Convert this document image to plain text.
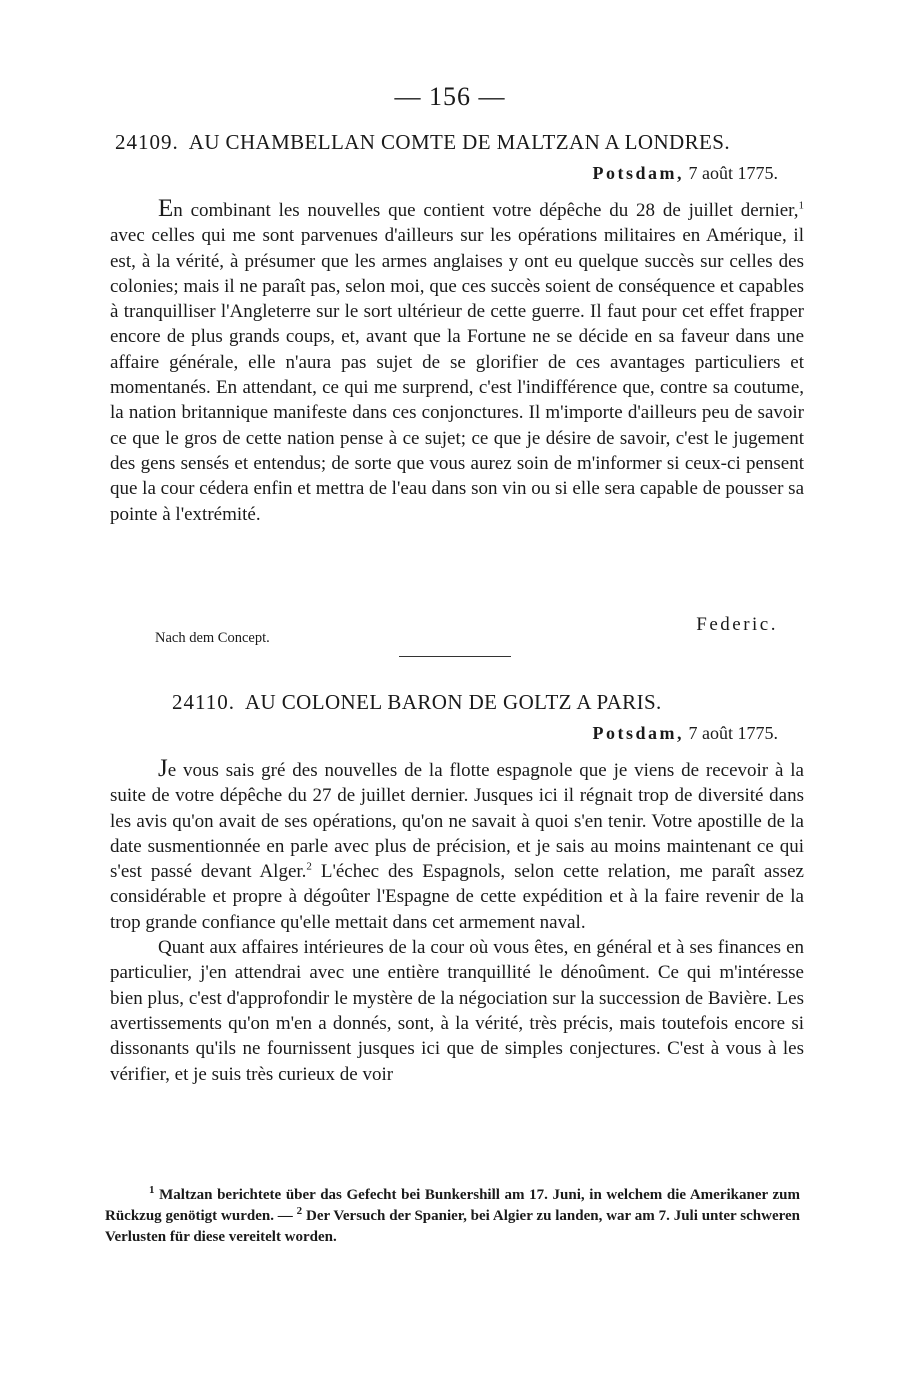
— 156 —
24109. AU CHAMBELLAN COMTE DE MALTZAN A LONDRES.
Potsdam, 7 août 1775.

En combinant les nouvelles que contient votre dépêche du 28 de juillet dernier,$^1$ avec celles qui me sont parvenues d'ailleurs sur les opérations militaires en Amérique, il est, à la vérité, à présumer que les armes anglaises y ont eu quelque succès sur celles des colonies; mais il ne paraît pas, selon moi, que ces succès soient de conséquence et capables à tranquilliser l'Angleterre sur le sort ultérieur de cette guerre. Il faut pour cet effet frapper encore de plus grands coups, et, avant que la Fortune ne se décide en sa faveur dans une affaire générale, elle n'aura pas sujet de se glorifier de ces avantages particuliers et momentanés. En attendant, ce qui me surprend, c'est l'indifférence que, contre sa coutume, la nation britannique manifeste dans ces conjonctures. Il m'importe d'ailleurs peu de savoir ce que le gros de cette nation pense à ce sujet; ce que je désire de savoir, c'est le jugement des gens sensés et entendus; de sorte que vous aurez soin de m'informer si ceux-ci pensent que la cour cédera enfin et mettra de l'eau dans son vin ou si elle sera capable de pousser sa pointe à l'extrémité.

Federic.
Nach dem Concept.
24110. AU COLONEL BARON DE GOLTZ A PARIS.
Potsdam, 7 août 1775.

Je vous sais gré des nouvelles de la flotte espagnole que je viens de recevoir à la suite de votre dépêche du 27 de juillet dernier. Jusques ici il régnait trop de diversité dans les avis qu'on avait de ses opérations, qu'on ne savait à quoi s'en tenir. Votre apostille de la date susmentionnée en parle avec plus de précision, et je sais au moins maintenant ce qui s'est passé devant Alger.$^2$ L'échec des Espagnols, selon cette relation, me paraît assez considérable et propre à dégoûter l'Espagne de cette expédition et à la faire revenir de la trop grande confiance qu'elle mettait dans cet armement naval.

Quant aux affaires intérieures de la cour où vous êtes, en général et à ses finances en particulier, j'en attendrai avec une entière tranquillité le dénoûment. Ce qui m'intéresse bien plus, c'est d'approfondir le mystère de la négociation sur la succession de Bavière. Les avertissements qu'on m'en a donnés, sont, à la vérité, très précis, mais toutefois encore si dissonants qu'ils ne fournissent jusques ici que de simples conjectures. C'est à vous à les vérifier, et je suis très curieux de voir

$^1$ Maltzan berichtete über das Gefecht bei Bunkershill am 17. Juni, in welchem die Amerikaner zum Rückzug genötigt wurden. — $^2$ Der Versuch der Spanier, bei Algier zu landen, war am 7. Juli unter schweren Verlusten für diese vereitelt worden.
